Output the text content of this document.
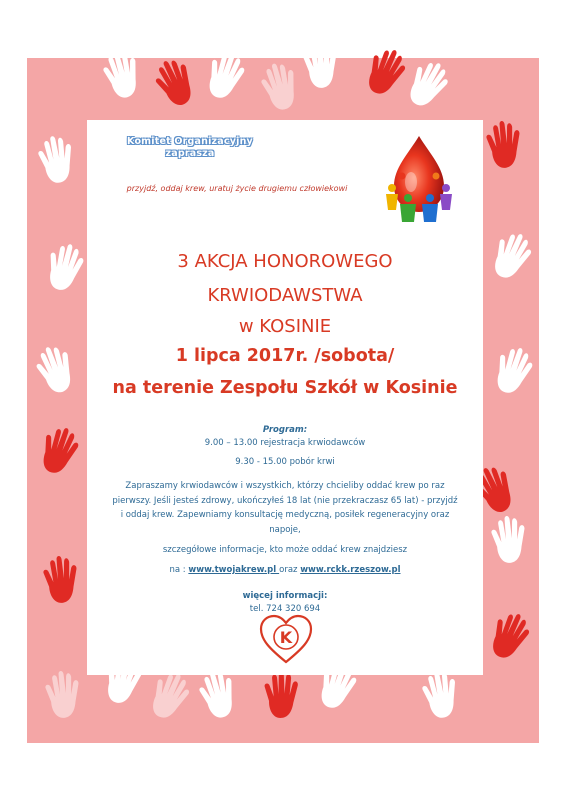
Komitet Organizacyjny
zaprasza
przyjdź, oddaj krew, uratuj życie drugiemu człowiekowi
3 AKCJA HONOROWEGO
KRWIODAWSTWA
w KOSINIE
1 lipca 2017r. /sobota/
na terenie Zespołu Szkół w Kosinie
Program:
9.00 – 13.00 rejestracja krwiodawców
9.30 - 15.00 pobór krwi
Zapraszamy krwiodawców i wszystkich, którzy chcieliby oddać krew po raz pierwszy. Jeśli jesteś zdrowy, ukończyłeś 18 lat (nie przekraczasz 65 lat) - przyjdź i oddaj krew. Zapewniamy konsultację medyczną, posiłek regeneracyjny oraz napoje,
szczegółowe informacje, kto może oddać krew znajdziesz
na : www.twojakrew.pl oraz www.rckk.rzeszow.pl
więcej informacji:
tel. 724 320 694
K
